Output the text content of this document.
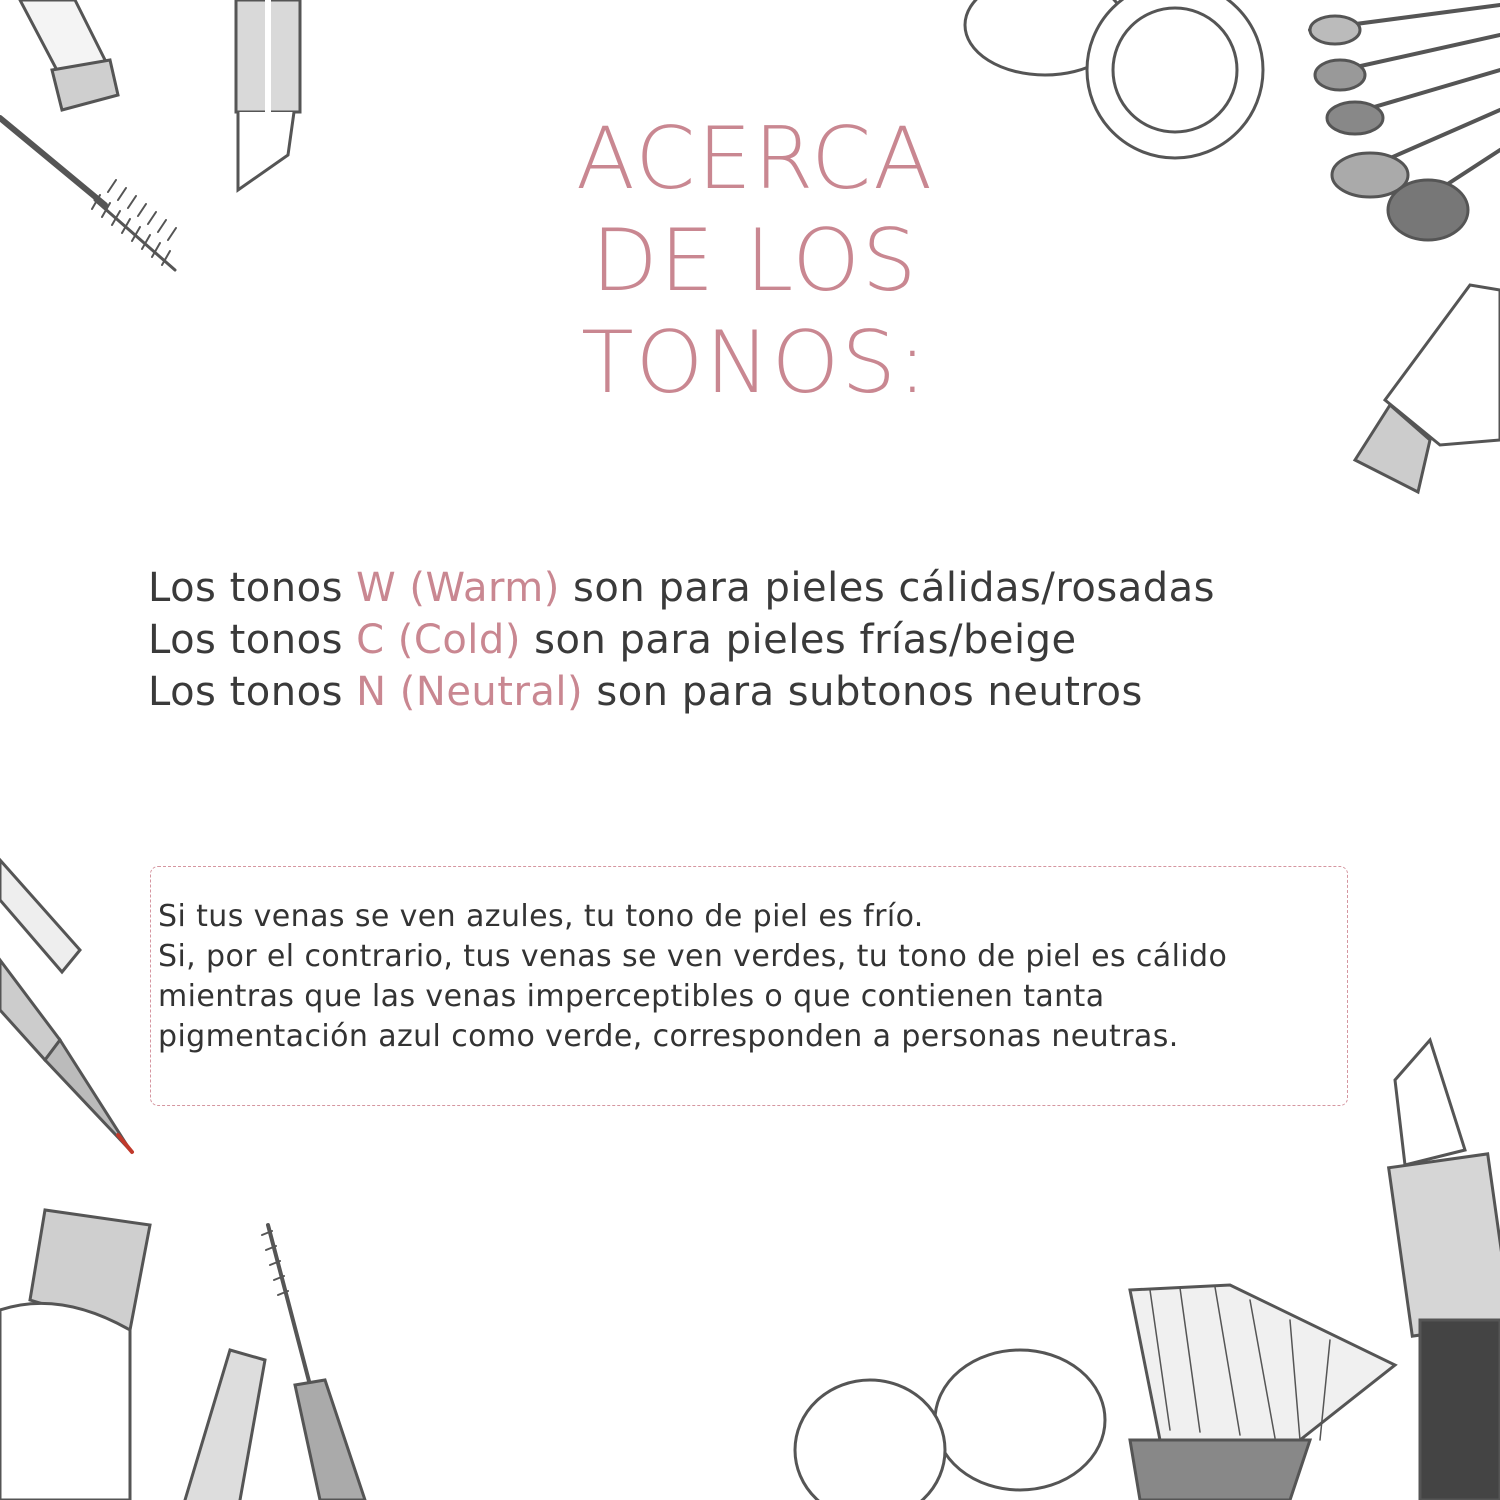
ACERCA
DE LOS
TONOS:
Los tonos W (Warm) son para pieles cálidas/rosadas
Los tonos C (Cold) son para pieles frías/beige
Los tonos N (Neutral) son para subtonos neutros
Si tus venas se ven azules, tu tono de piel es frío.
Si, por el contrario, tus venas se ven verdes, tu tono de piel es cálido
mientras que las venas imperceptibles o que contienen tanta
pigmentación azul como verde, corresponden a personas neutras.
